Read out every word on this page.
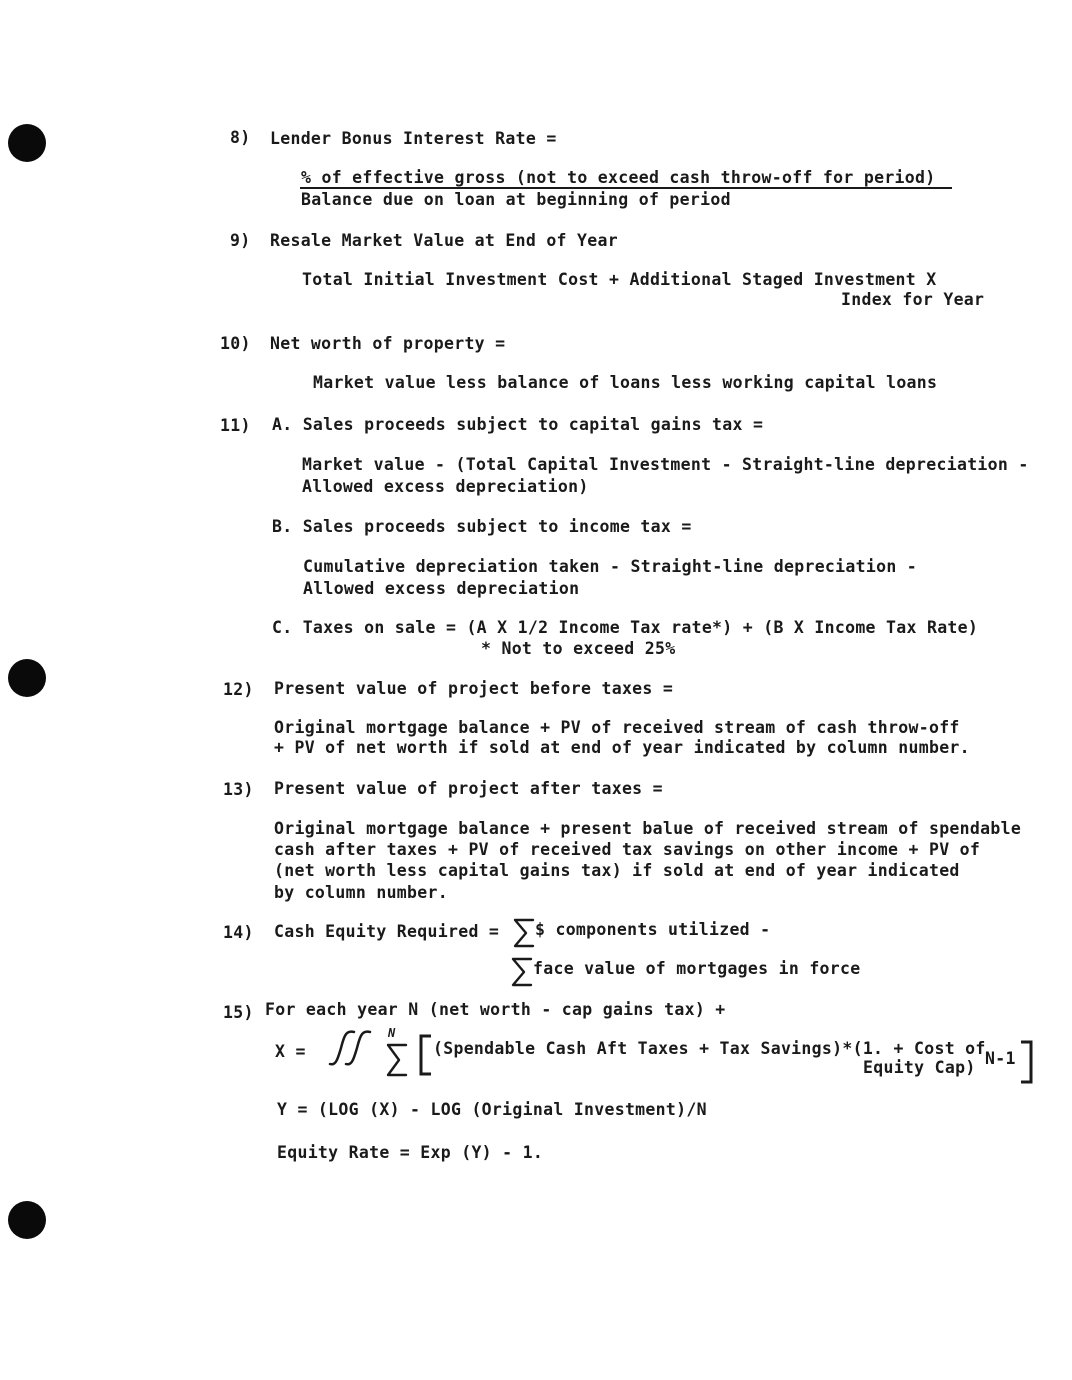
8) Lender Bonus Interest Rate =
% of effective gross (not to exceed cash throw-off for period)
Balance due on loan at beginning of period
9) Resale Market Value at End of Year
Total Initial Investment Cost + Additional Staged Investment X
Index for Year
10) Net worth of property =
Market value less balance of loans less working capital loans
11) A. Sales proceeds subject to capital gains tax =
Market value - (Total Capital Investment - Straight-line depreciation -
Allowed excess depreciation)
B. Sales proceeds subject to income tax =
Cumulative depreciation taken - Straight-line depreciation -
Allowed excess depreciation
C. Taxes on sale = (A X 1/2 Income Tax rate*) + (B X Income Tax Rate)
* Not to exceed 25%
12) Present value of project before taxes =
Original mortgage balance + PV of received stream of cash throw-off
+ PV of net worth if sold at end of year indicated by column number.
13) Present value of project after taxes =
Original mortgage balance + present balue of received stream of spendable
cash after taxes + PV of received tax savings on other income + PV of
(net worth less capital gains tax) if sold at end of year indicated
by column number.
14) Cash Equity Required = $ components utilized -
face value of mortgages in force
15) For each year N (net worth - cap gains tax) +
X =
N
(Spendable Cash Aft Taxes + Tax Savings)*(1. + Cost of
Equity Cap) N-1
Y = (LOG (X) - LOG (Original Investment)/N
Equity Rate = Exp (Y) - 1.
